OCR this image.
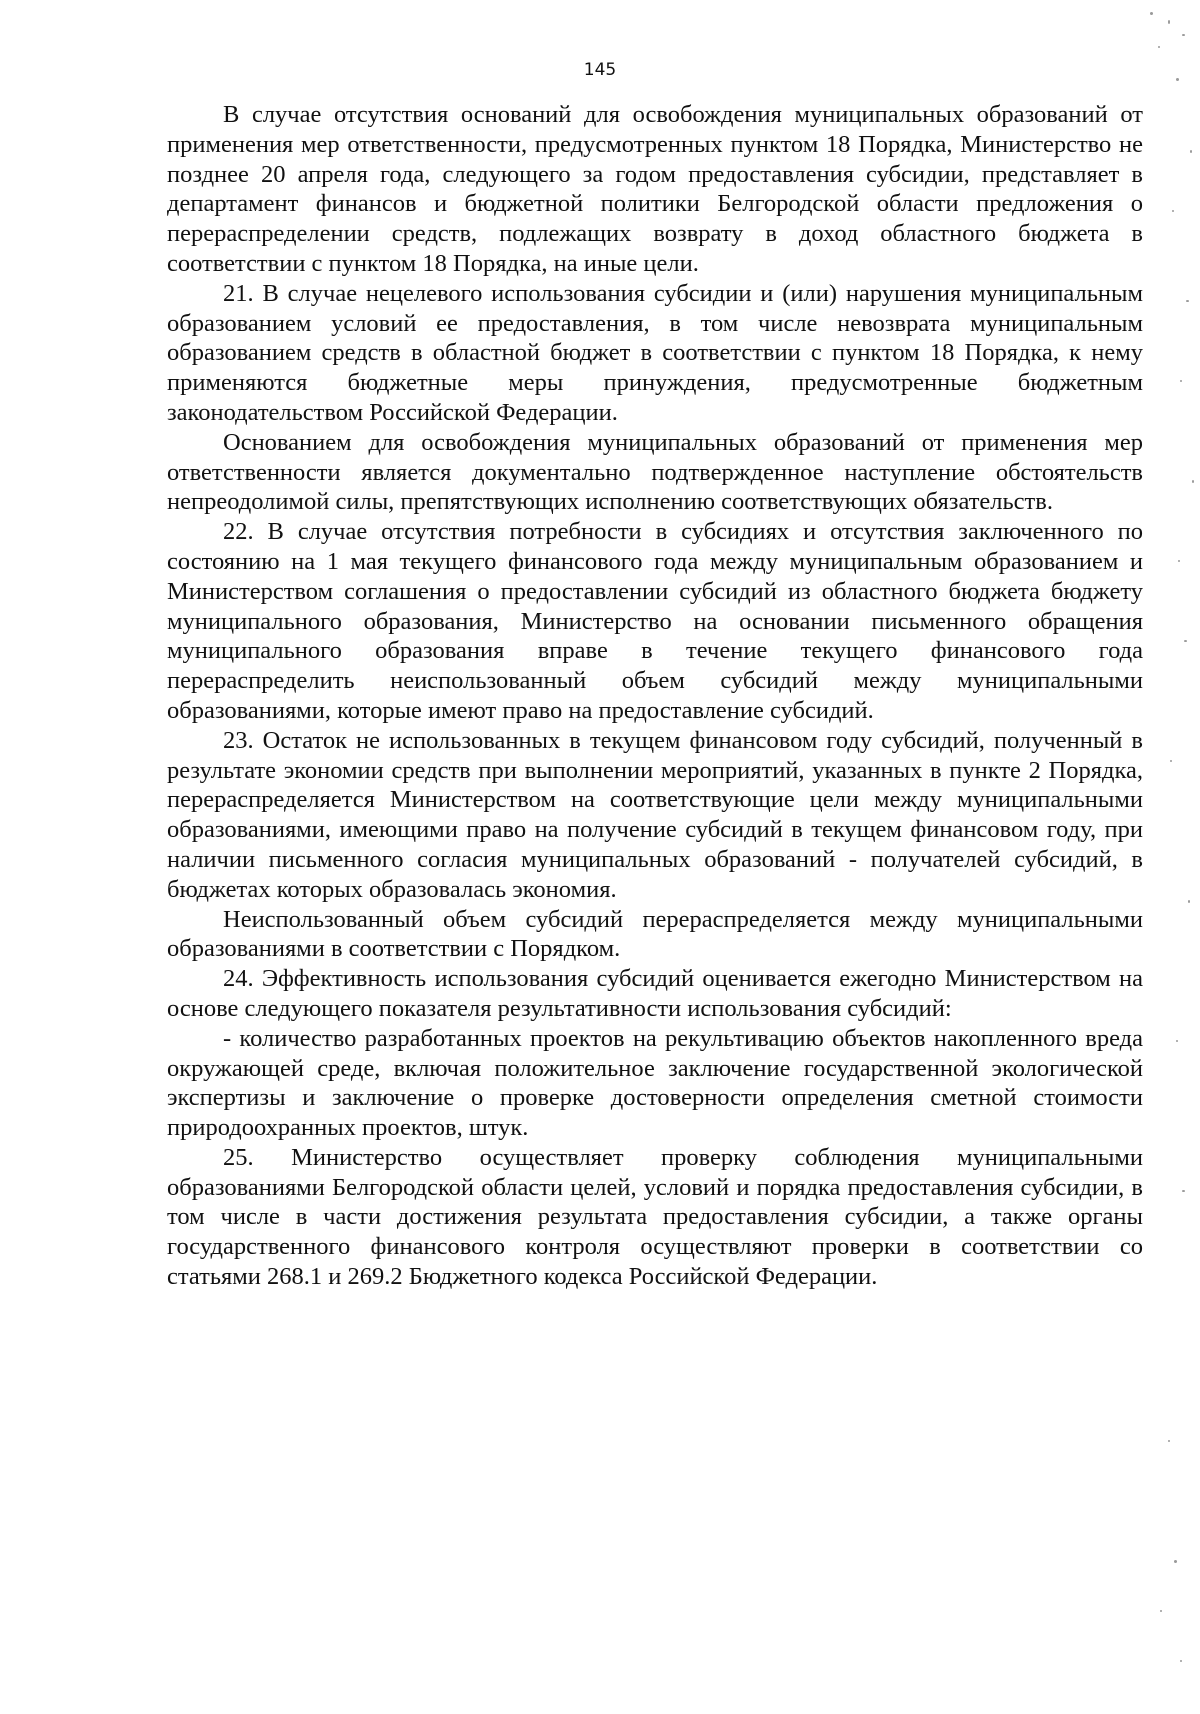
145

В случае отсутствия оснований для освобождения муниципальных образований от применения мер ответственности, предусмотренных пунктом 18 Порядка, Министерство не позднее 20 апреля года, следующего за годом предоставления субсидии, представляет в департамент финансов и бюджетной политики Белгородской области предложения о перераспределении средств, подлежащих возврату в доход областного бюджета в соответствии с пунктом 18 Порядка, на иные цели.

21. В случае нецелевого использования субсидии и (или) нарушения муниципальным образованием условий ее предоставления, в том числе невозврата муниципальным образованием средств в областной бюджет в соответствии с пунктом 18 Порядка, к нему применяются бюджетные меры принуждения, предусмотренные бюджетным законодательством Российской Федерации.

Основанием для освобождения муниципальных образований от применения мер ответственности является документально подтвержденное наступление обстоятельств непреодолимой силы, препятствующих исполнению соответствующих обязательств.

22. В случае отсутствия потребности в субсидиях и отсутствия заключенного по состоянию на 1 мая текущего финансового года между муниципальным образованием и Министерством соглашения о предоставлении субсидий из областного бюджета бюджету муниципального образования, Министерство на основании письменного обращения муниципального образования вправе в течение текущего финансового года перераспределить неиспользованный объем субсидий между муниципальными образованиями, которые имеют право на предоставление субсидий.

23. Остаток не использованных в текущем финансовом году субсидий, полученный в результате экономии средств при выполнении мероприятий, указанных в пункте 2 Порядка, перераспределяется Министерством на соответствующие цели между муниципальными образованиями, имеющими право на получение субсидий в текущем финансовом году, при наличии письменного согласия муниципальных образований - получателей субсидий, в бюджетах которых образовалась экономия.

Неиспользованный объем субсидий перераспределяется между муниципальными образованиями в соответствии с Порядком.

24. Эффективность использования субсидий оценивается ежегодно Министерством на основе следующего показателя результативности использования субсидий:

- количество разработанных проектов на рекультивацию объектов накопленного вреда окружающей среде, включая положительное заключение государственной экологической экспертизы и заключение о проверке достоверности определения сметной стоимости природоохранных проектов, штук.

25. Министерство осуществляет проверку соблюдения муниципальными образованиями Белгородской области целей, условий и порядка предоставления субсидии, в том числе в части достижения результата предоставления субсидии, а также органы государственного финансового контроля осуществляют проверки в соответствии со статьями 268.1 и 269.2 Бюджетного кодекса Российской Федерации.
